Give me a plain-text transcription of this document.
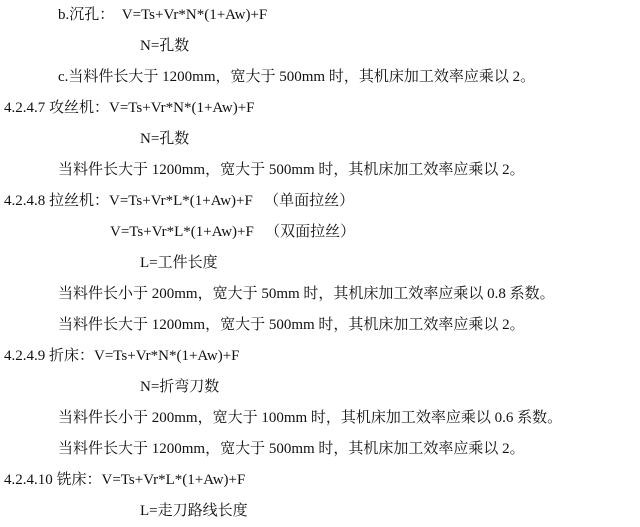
b.沉孔：  V=Ts+Vr*N*(1+Aw)+F
N=孔数
c.当料件长大于 1200mm，宽大于 500mm 时，其机床加工效率应乘以 2。
4.2.4.7 攻丝机：V=Ts+Vr*N*(1+Aw)+F
N=孔数
当料件长大于 1200mm，宽大于 500mm 时，其机床加工效率应乘以 2。
4.2.4.8 拉丝机：V=Ts+Vr*L*(1+Aw)+F   （单面拉丝）
V=Ts+Vr*L*(1+Aw)+F   （双面拉丝）
L=工件长度
当料件长小于 200mm，宽大于 50mm 时，其机床加工效率应乘以 0.8 系数。
当料件长大于 1200mm，宽大于 500mm 时，其机床加工效率应乘以 2。
4.2.4.9 折床：V=Ts+Vr*N*(1+Aw)+F
N=折弯刀数
当料件长小于 200mm，宽大于 100mm 时，其机床加工效率应乘以 0.6 系数。
当料件长大于 1200mm，宽大于 500mm 时，其机床加工效率应乘以 2。
4.2.4.10 铣床：V=Ts+Vr*L*(1+Aw)+F
L=走刀路线长度
